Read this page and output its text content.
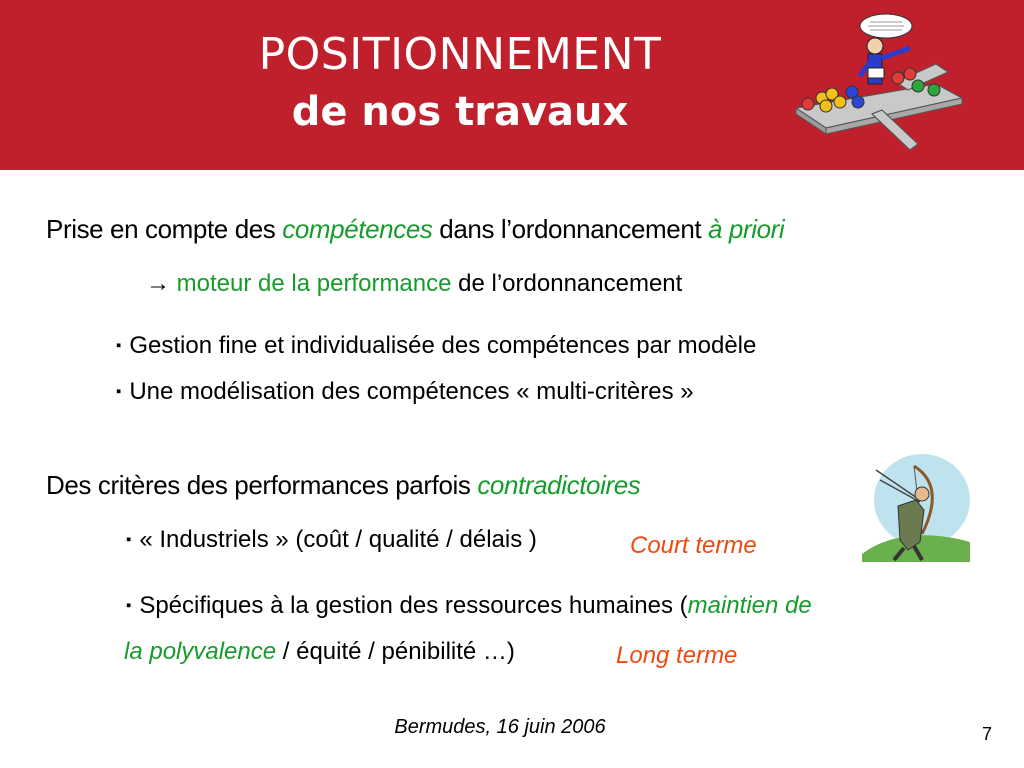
POSITIONNEMENT
de nos travaux
Prise en compte des compétences dans l’ordonnancement à priori
→ moteur de la performance de l’ordonnancement
▪ Gestion fine et individualisée des compétences par modèle
▪ Une modélisation des compétences « multi-critères »
Des critères des performances parfois contradictoires
▪ « Industriels » (coût / qualité / délais )	Court terme
▪ Spécifiques à la gestion des ressources humaines (maintien de
la polyvalence / équité / pénibilité …)	Long terme
Bermudes, 16 juin 2006	7
